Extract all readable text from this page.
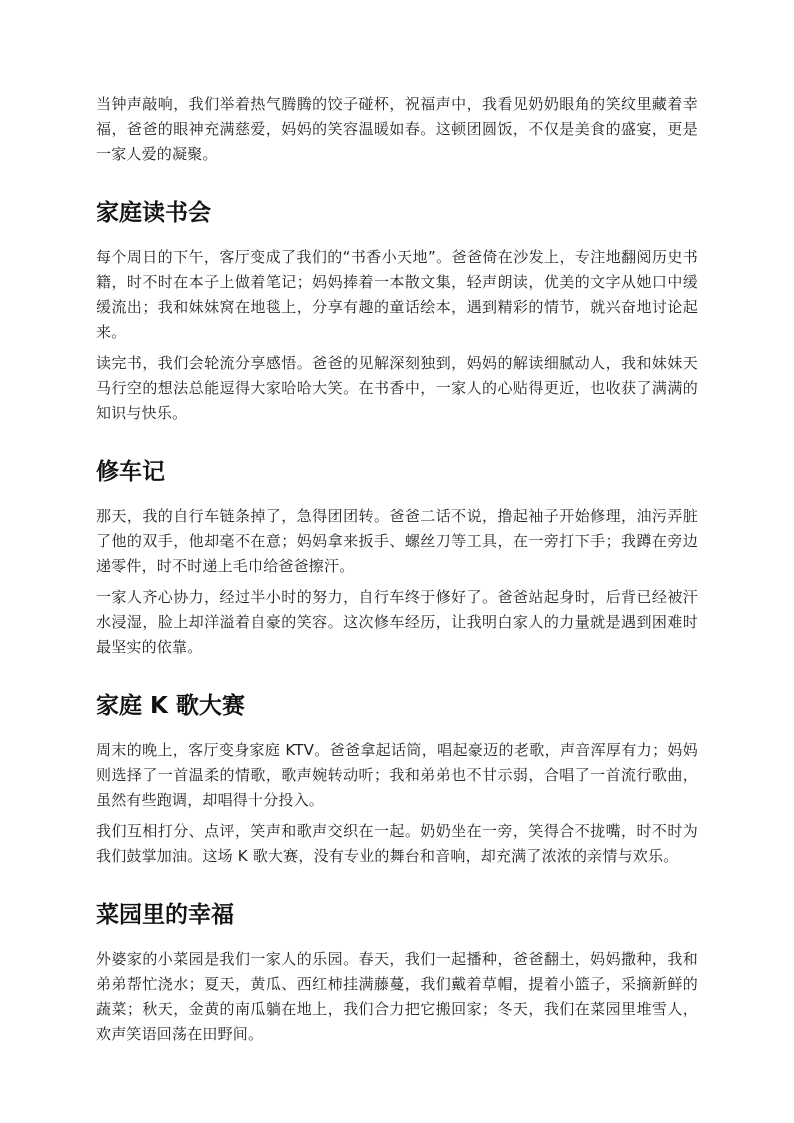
当钟声敲响，我们举着热气腾腾的饺子碰杯，祝福声中，我看见奶奶眼角的笑纹里藏着幸福，爸爸的眼神充满慈爱，妈妈的笑容温暖如春。这顿团圆饭，不仅是美食的盛宴，更是一家人爱的凝聚。

家庭读书会

每个周日的下午，客厅变成了我们的“书香小天地”。爸爸倚在沙发上，专注地翻阅历史书籍，时不时在本子上做着笔记；妈妈捧着一本散文集，轻声朗读，优美的文字从她口中缓缓流出；我和妹妹窝在地毯上，分享有趣的童话绘本，遇到精彩的情节，就兴奋地讨论起来。

读完书，我们会轮流分享感悟。爸爸的见解深刻独到，妈妈的解读细腻动人，我和妹妹天马行空的想法总能逗得大家哈哈大笑。在书香中，一家人的心贴得更近，也收获了满满的知识与快乐。

修车记

那天，我的自行车链条掉了，急得团团转。爸爸二话不说，撸起袖子开始修理，油污弄脏了他的双手，他却毫不在意；妈妈拿来扳手、螺丝刀等工具，在一旁打下手；我蹲在旁边递零件，时不时递上毛巾给爸爸擦汗。

一家人齐心协力，经过半小时的努力，自行车终于修好了。爸爸站起身时，后背已经被汗水浸湿，脸上却洋溢着自豪的笑容。这次修车经历，让我明白家人的力量就是遇到困难时最坚实的依靠。

家庭 K 歌大赛

周末的晚上，客厅变身家庭 KTV。爸爸拿起话筒，唱起豪迈的老歌，声音浑厚有力；妈妈则选择了一首温柔的情歌，歌声婉转动听；我和弟弟也不甘示弱，合唱了一首流行歌曲，虽然有些跑调，却唱得十分投入。

我们互相打分、点评，笑声和歌声交织在一起。奶奶坐在一旁，笑得合不拢嘴，时不时为我们鼓掌加油。这场 K 歌大赛，没有专业的舞台和音响，却充满了浓浓的亲情与欢乐。

菜园里的幸福

外婆家的小菜园是我们一家人的乐园。春天，我们一起播种，爸爸翻土，妈妈撒种，我和弟弟帮忙浇水；夏天，黄瓜、西红柿挂满藤蔓，我们戴着草帽，提着小篮子，采摘新鲜的蔬菜；秋天，金黄的南瓜躺在地上，我们合力把它搬回家；冬天，我们在菜园里堆雪人，欢声笑语回荡在田野间。
